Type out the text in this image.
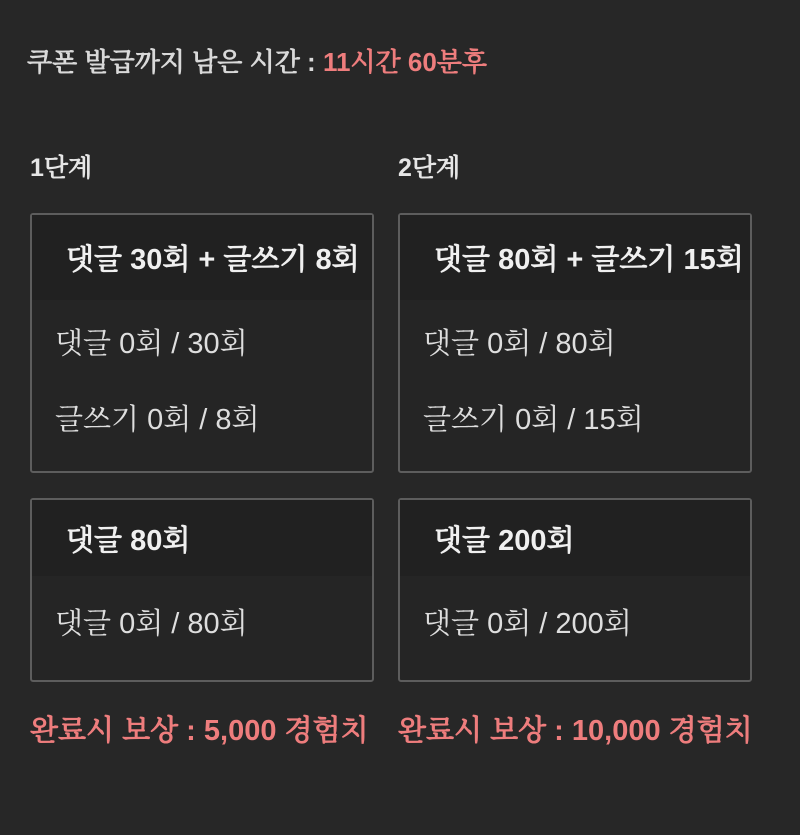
쿠폰 발급까지 남은 시간 : 11시간 60분후
1단계
댓글 30회 + 글쓰기 8회

댓글 0회 / 30회

글쓰기 0회 / 8회

댓글 80회

댓글 0회 / 80회

완료시 보상 : 5,000 경험치
2단계
댓글 80회 + 글쓰기 15회

댓글 0회 / 80회

글쓰기 0회 / 15회

댓글 200회

댓글 0회 / 200회

완료시 보상 : 10,000 경험치
